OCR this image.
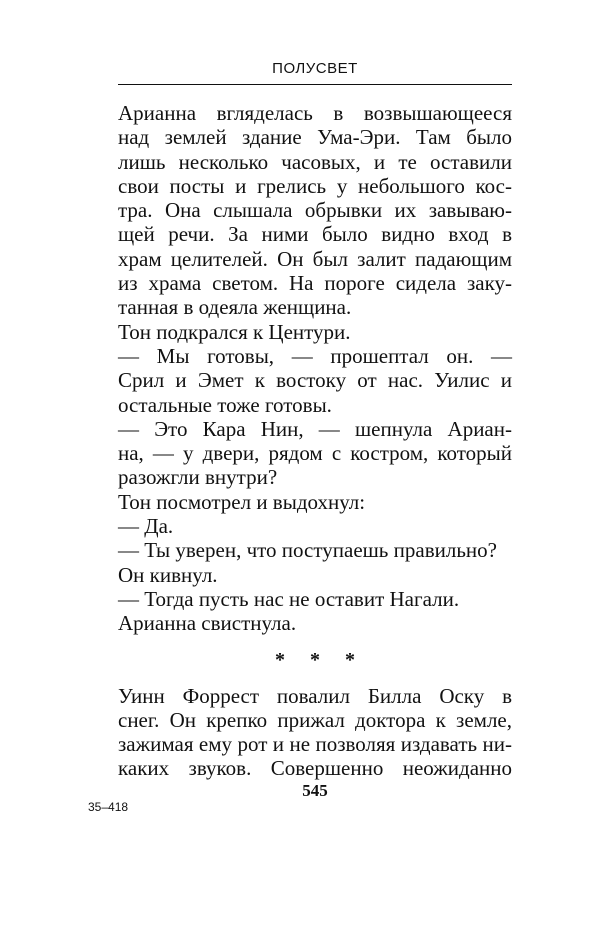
ПОЛУСВЕТ
Арианна вгляделась в возвышающееся
над землей здание Ума-Эри. Там было
лишь несколько часовых, и те оставили
свои посты и грелись у небольшого кос-
тра. Она слышала обрывки их завываю-
щей речи. За ними было видно вход в
храм целителей. Он был залит падающим
из храма светом. На пороге сидела заку-
танная в одеяла женщина.
Тон подкрался к Центури.
— Мы готовы, — прошептал он. —
Срил и Эмет к востоку от нас. Уилис и
остальные тоже готовы.
— Это Кара Нин, — шепнула Ариан-
на, — у двери, рядом с костром, который
разожгли внутри?
Тон посмотрел и выдохнул:
— Да.
— Ты уверен, что поступаешь правильно?
Он кивнул.
— Тогда пусть нас не оставит Нагали.
Арианна свистнула.
* * *
Уинн Форрест повалил Билла Оску в
снег. Он крепко прижал доктора к земле,
зажимая ему рот и не позволяя издавать ни-
каких звуков. Совершенно неожиданно
545
35–418
